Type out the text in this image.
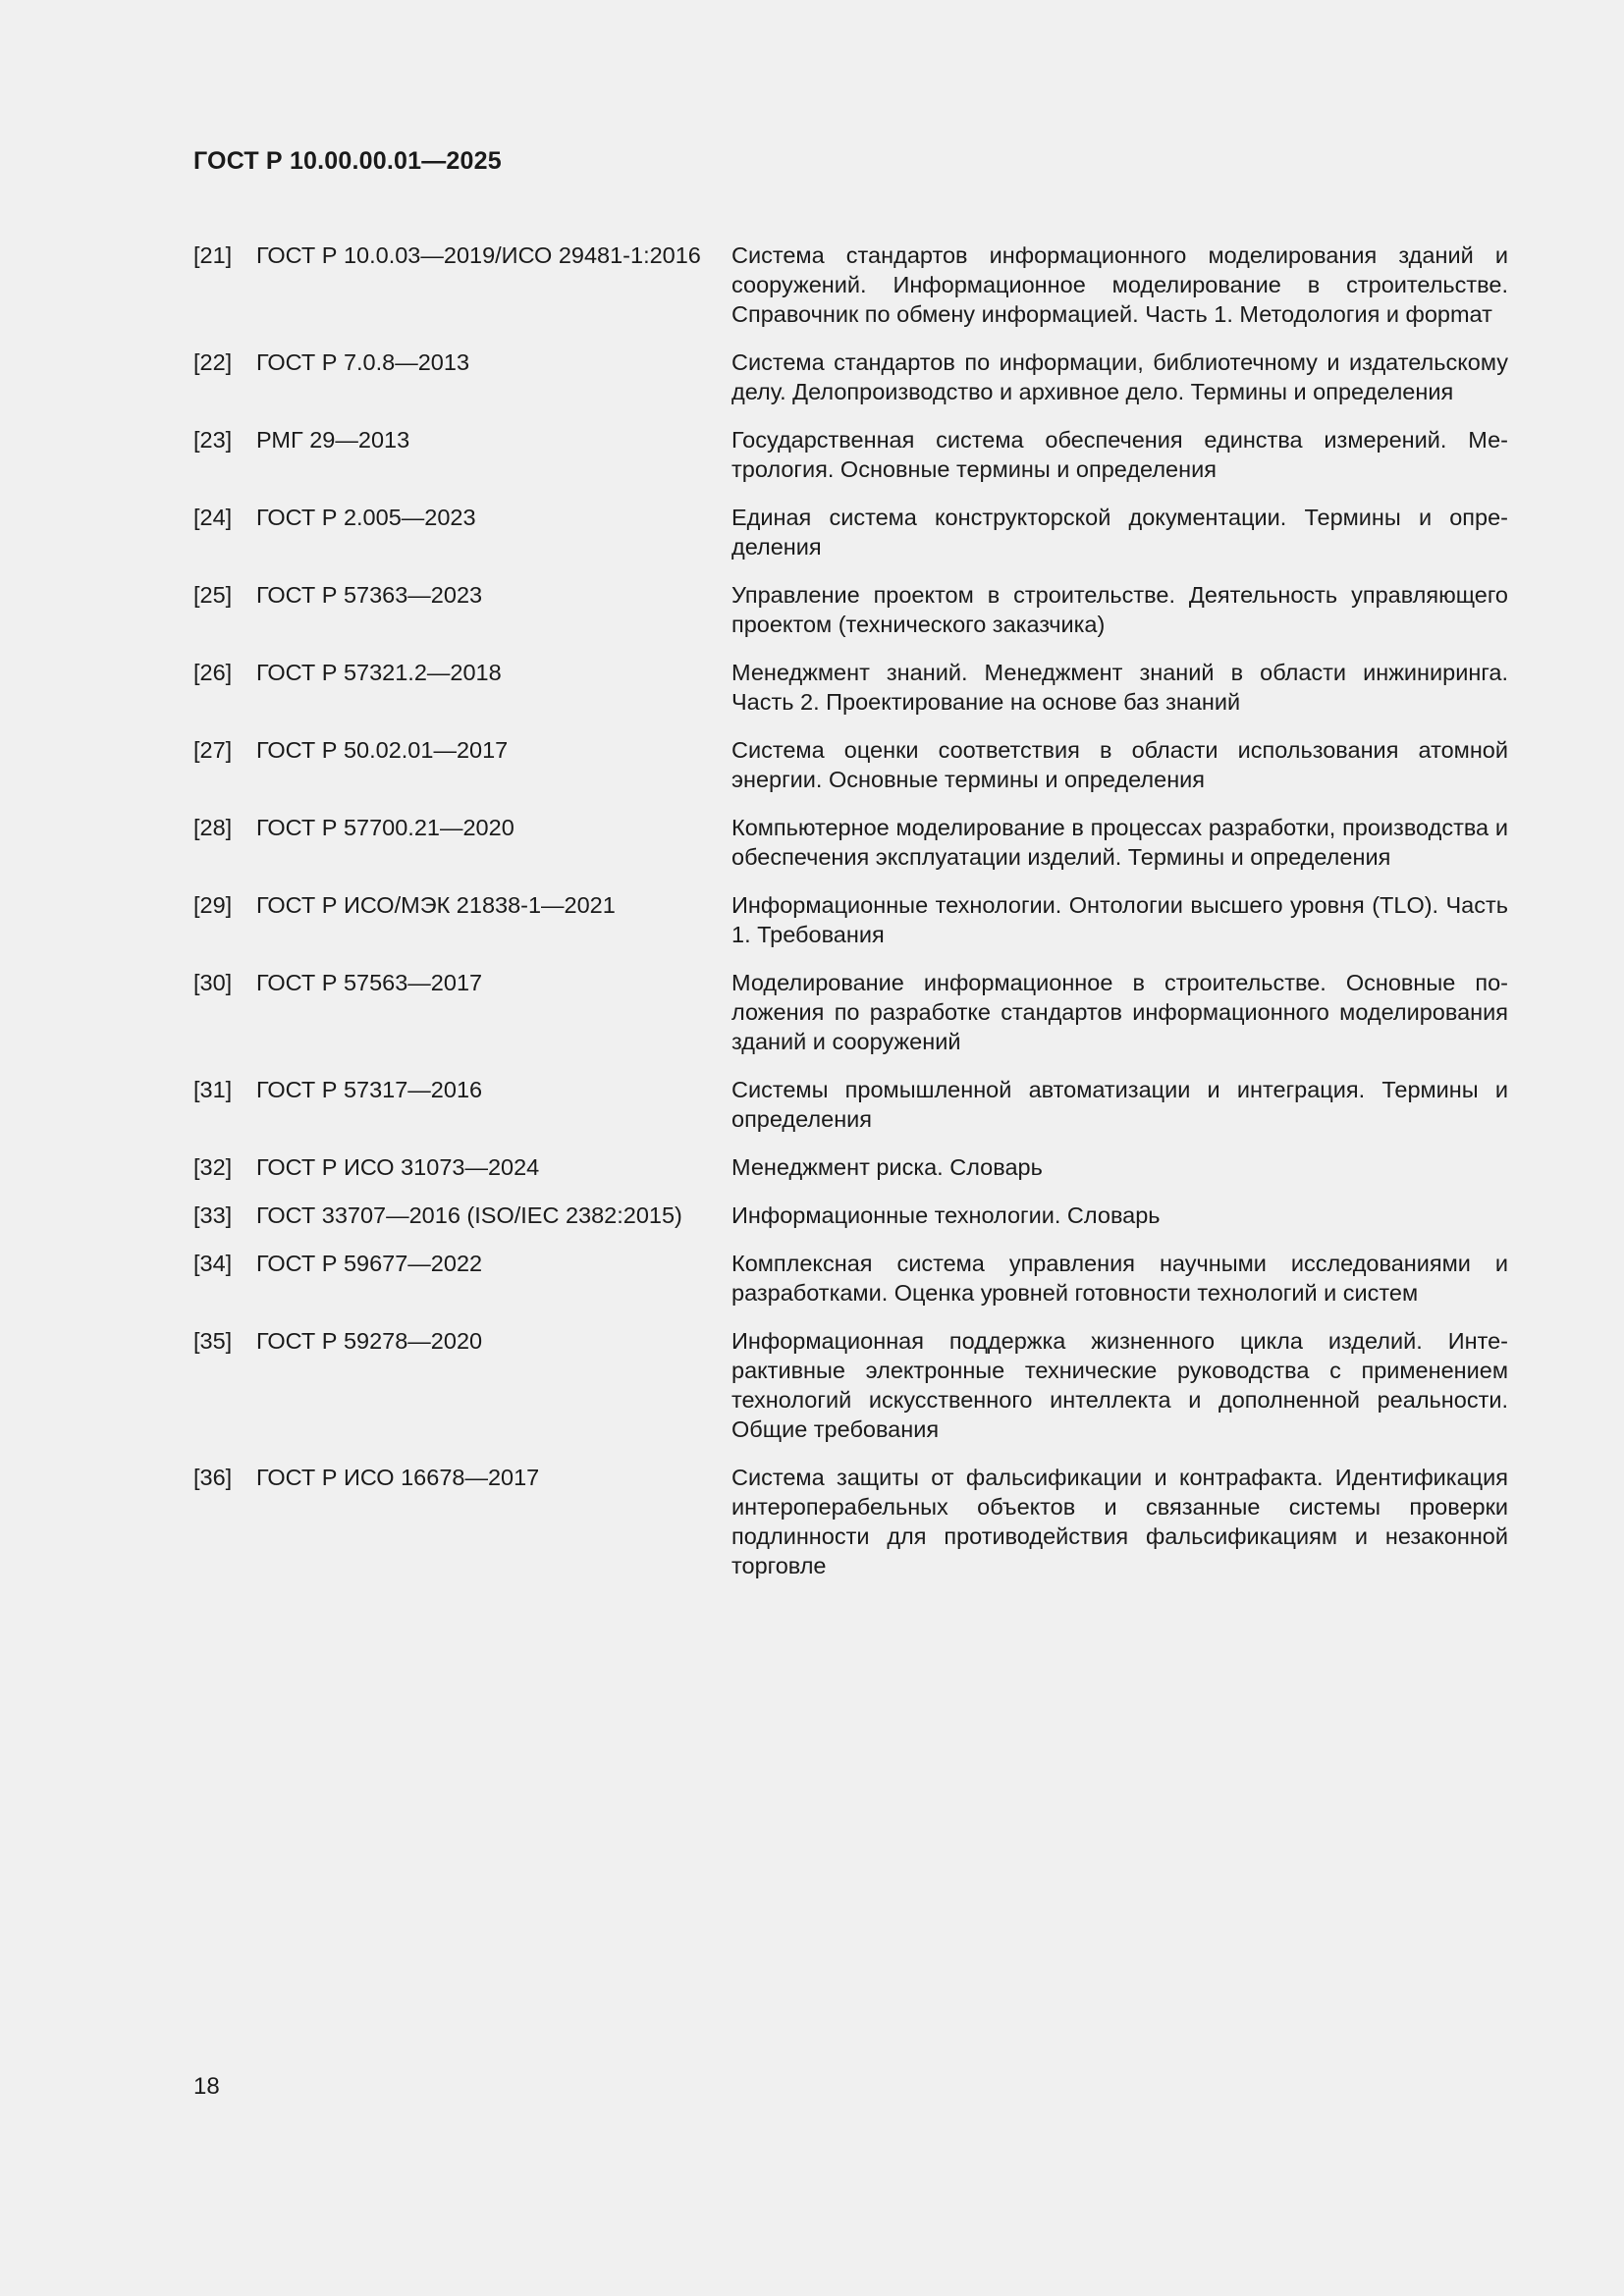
ГОСТ Р 10.00.00.01—2025
[21]	ГОСТ Р 10.0.03—2019/ИСО 29481-1:2016	Система стандартов информационного моделирования зданий и сооружений. Информационное моделирование в строительстве. Справочник по обмену информацией. Часть 1. Методология и форmат
[22]	ГОСТ Р 7.0.8—2013	Система стандартов по информации, библиотечному и издательскому делу. Делопроизводство и архивное дело. Термины и определения
[23]	РМГ 29—2013	Государственная система обеспечения единства измерений. Метрология. Основные термины и определения
[24]	ГОСТ Р 2.005—2023	Единая система конструкторской документации. Термины и определения
[25]	ГОСТ Р 57363—2023	Управление проектом в строительстве. Деятельность управляющего проектом (технического заказчика)
[26]	ГОСТ Р 57321.2—2018	Менеджмент знаний. Менеджмент знаний в области инжиниринга. Часть 2. Проектирование на основе баз знаний
[27]	ГОСТ Р 50.02.01—2017	Система оценки соответствия в области использования атомной энергии. Основные термины и определения
[28]	ГОСТ Р 57700.21—2020	Компьютерное моделирование в процессах разработки, производства и обеспечения эксплуатации изделий. Термины и определения
[29]	ГОСТ Р ИСО/МЭК 21838-1—2021	Информационные технологии. Онтологии высшего уровня (TLO). Часть 1. Требования
[30]	ГОСТ Р 57563—2017	Моделирование информационное в строительстве. Основные положения по разработке стандартов информационного моделирования зданий и сооружений
[31]	ГОСТ Р 57317—2016	Системы промышленной автоматизации и интеграция. Термины и определения
[32]	ГОСТ Р ИСО 31073—2024	Менеджмент риска. Словарь
[33]	ГОСТ 33707—2016 (ISO/IEC 2382:2015)	Информационные технологии. Словарь
[34]	ГОСТ Р 59677—2022	Комплексная система управления научными исследованиями и разработками. Оценка уровней готовности технологий и систем
[35]	ГОСТ Р 59278—2020	Информационная поддержка жизненного цикла изделий. Интерактивные электронные технические руководства с применением технологий искусственного интеллекта и дополненной реальности. Общие требования
[36]	ГОСТ Р ИСО 16678—2017	Система защиты от фальсификации и контрафакта. Идентификация интероперабельных объектов и связанные системы проверки подлинности для противодействия фальсификациям и незаконной торговле
18
